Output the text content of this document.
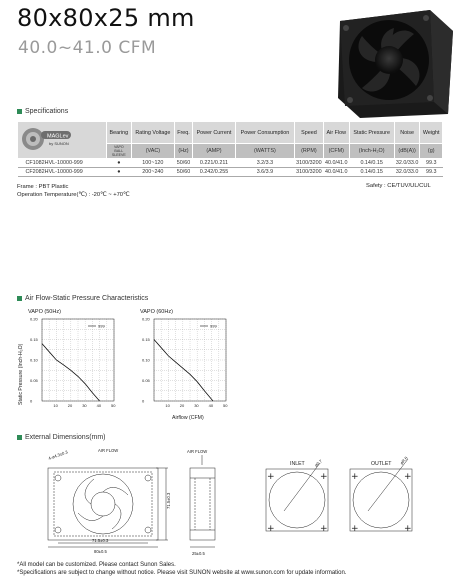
80x80x25 mm
40.0~41.0 CFM
Specifications
MAGLev
by SUNON	Bearing	Rating Voltage	Freq.	Power Current	Power Consumption	Speed	Air Flow	Static Pressure	Noise	Weight
	VAPO
BALL
SLEEVE	(VAC)	(Hz)	(AMP)	(WATTS)	(RPM)	(CFM)	(Inch-H₂O)	(dB(A))	(g)
CF1082HVL-10000-999	●	100~120	50/60	0.221/0.211	3.2/3.3	3100/3200	40.0/41.0	0.14/0.15	32.0/33.0	99.3
CF2082HVL-10000-999	●	200~240	50/60	0.242/0.255	3.6/3.9	3100/3200	40.0/41.0	0.14/0.15	32.0/33.0	99.3
Frame : PBT Plastic
Operation Temperature(℃) : -20℃ ~ +70℃
Safety : CE/TUV/UL/CUL
Air Flow-Static Pressure Characteristics
Static Pressure (Inch-H₂O)
Airflow (CFM)
VAPO (50Hz)
10 20 30 40 50
0
0.05
0.10
0.15
0.20
999
VAPO (60Hz)
10 20 30 40 50
0
0.05
0.10
0.15
0.20
999
External Dimensions(mm)
4-ø4.3±0.3	AIR FLOW	AIR FLOW
71.5±0.3
80±0.5
71.5±0.3
25±0.5
INLET	OUTLET
ø0.7	øR.8
+	+
+	+
+	+
+	+
*All model can be customized. Please contact Sunon Sales.
*Specifications are subject to change without notice. Please visit SUNON website at www.sunon.com for update information.
